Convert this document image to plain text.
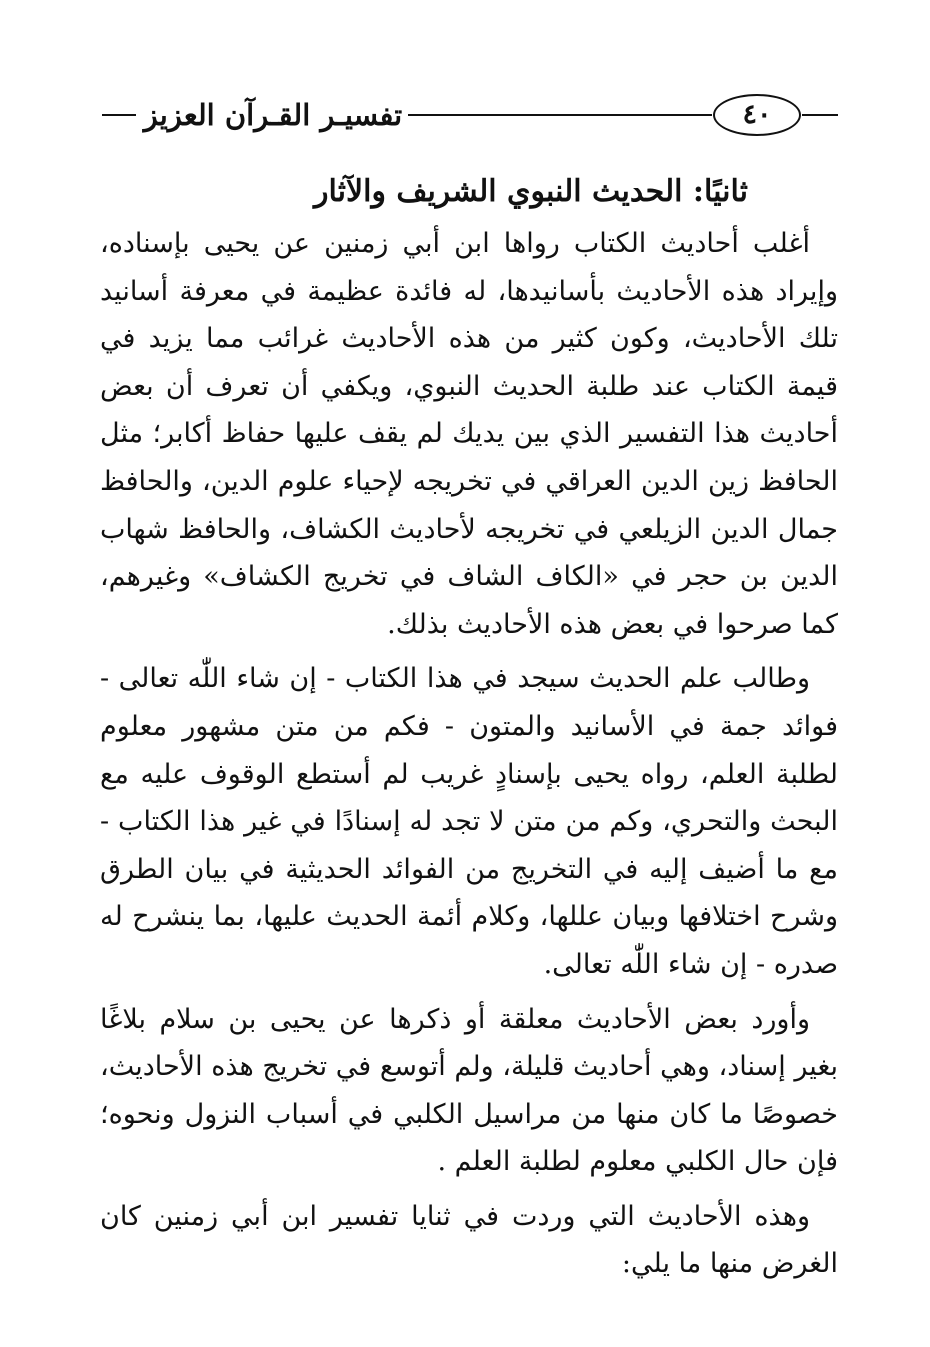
تفسيـر القـرآن العزيز	٤٠
ثانيًا: الحديث النبوي الشريف والآثار

أغلب أحاديث الكتاب رواها ابن أبي زمنين عن يحيى بإسناده، وإيراد هذه الأحاديث بأسانيدها، له فائدة عظيمة في معرفة أسانيد تلك الأحاديث، وكون كثير من هذه الأحاديث غرائب مما يزيد في قيمة الكتاب عند طلبة الحديث النبوي، ويكفي أن تعرف أن بعض أحاديث هذا التفسير الذي بين يديك لم يقف عليها حفاظ أكابر؛ مثل الحافظ زين الدين العراقي في تخريجه لإحياء علوم الدين، والحافظ جمال الدين الزيلعي في تخريجه لأحاديث الكشاف، والحافظ شهاب الدين بن حجر في «الكاف الشاف في تخريج الكشاف» وغيرهم، كما صرحوا في بعض هذه الأحاديث بذلك.

وطالب علم الحديث سيجد في هذا الكتاب - إن شاء اللّٰه تعالى - فوائد جمة في الأسانيد والمتون - فكم من متن مشهور معلوم لطلبة العلم، رواه يحيى بإسنادٍ غريب لم أستطع الوقوف عليه مع البحث والتحري، وكم من متن لا تجد له إسنادًا في غير هذا الكتاب - مع ما أضيف إليه في التخريج من الفوائد الحديثية في بيان الطرق وشرح اختلافها وبيان عللها، وكلام أئمة الحديث عليها، بما ينشرح له صدره - إن شاء اللّٰه تعالى.

وأورد بعض الأحاديث معلقة أو ذكرها عن يحيى بن سلام بلاغًا بغير إسناد، وهي أحاديث قليلة، ولم أتوسع في تخريج هذه الأحاديث، خصوصًا ما كان منها من مراسيل الكلبي في أسباب النزول ونحوه؛ فإن حال الكلبي معلوم لطلبة العلم .

وهذه الأحاديث التي وردت في ثنايا تفسير ابن أبي زمنين كان الغرض منها ما يلي:
